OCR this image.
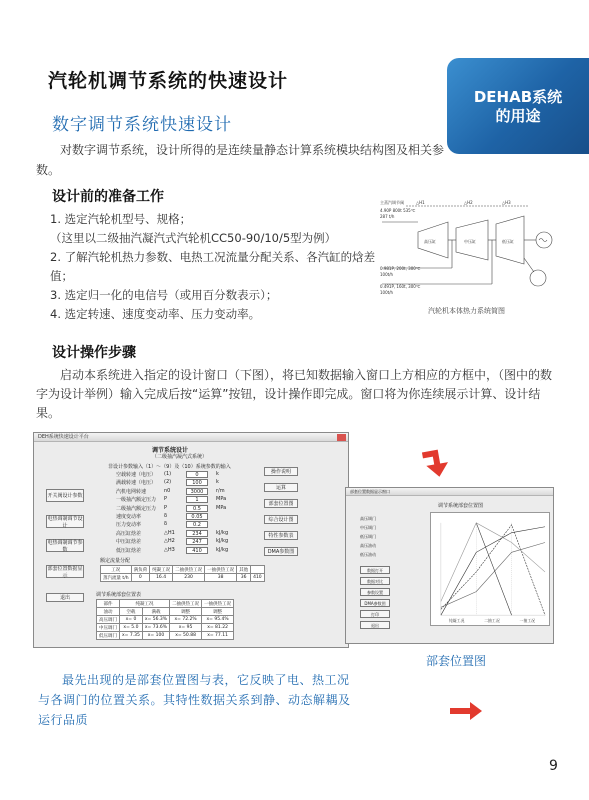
汽轮机调节系统的快速设计
数字调节系统快速设计
DEHAB系统
的用途
对数字调节系统，设计所得的是连续量静态计算系统模块结构图及相关参数。
设计前的准备工作
1. 选定汽轮机型号、规格；
（这里以二级抽汽凝汽式汽轮机CC50-90/10/5型为例）
2. 了解汽轮机热力参数、电热工况流量分配关系、各汽缸的焓差值；
3. 选定归一化的电信号（或用百分数表示）；
4. 选定转速、速度变动率、压力变动率。
主蒸汽调节阀
4.90P 800t 535℃
287 t/h
△H1	△H2	△H3
0.981P, 200t, 300℃
100t/h
0.491P, 160t, 300℃
100t/h
高压缸	中压缸	低压缸
汽轮机本体热力系统简图
设计操作步骤
启动本系统进入指定的设计窗口（下图），将已知数据输入窗口上方相应的方框中，（图中的数字为设计举例）输入完成后按“运算”按钮，设计操作即完成。窗口将为你连续展示计算、设计结果。
DEH系统快速设计平台
调节系统设计
（二级抽汽凝汽式系统）
非设计参数输入（1）～（9）及（10）系统参数的输入
开关阀设计参数
电热调制调节设计
电热调制调节参数
部套位置数据显示
退出
操作说明
运算
部套位置图
综合设计图
特性参数表
DMA参数图
空载转速（电压） (1)	0	k
满载转速（电压） (2)	100	k
汽机电网转速	n0	3000	r/m
一级抽汽额定压力 P	1	MPa
二级抽汽额定压力 P	0.5	MPa
速度变动率	δ	0.05
压力变动率	δ	0.2
高压缸焓差	△H1	234	kJ/kg
中压缸焓差	△H2	247	kJ/kg
低压缸焓差	△H3	410	kJ/kg
额定流量分配
工况	满负荷	纯凝工况	二抽供热工况	一抽供热工况	其他	
蒸汽流量 t/h	0	16.4	230	38	36	410
调节系统部套位置表
部件	纯凝工况		二抽供热工况	一抽供热工况
油动	空载	满载	调整	调整
高压调门	x= 0	x= 56.3%	x= 72.2%	x= 95.4%
中压调门	x= 5.0	x= 73.6%	x= 95	x= 81.22
低压调门	x= 7.35	x= 100	x= 50.88	x= 77.11
部套位置数据显示窗口
调节系统部套位置图
高压调门
中压调门
低压调门
高压油动
低压油动
数据打开
数据对比
参数设置
DMA参数图
打印
退出
纯凝工况	二抽工况	一抽工况
部套位置图
最先出现的是部套位置图与表，它反映了电、热工况与各调门的位置关系。其特性数据关系到静、动态解耦及运行品质
9
